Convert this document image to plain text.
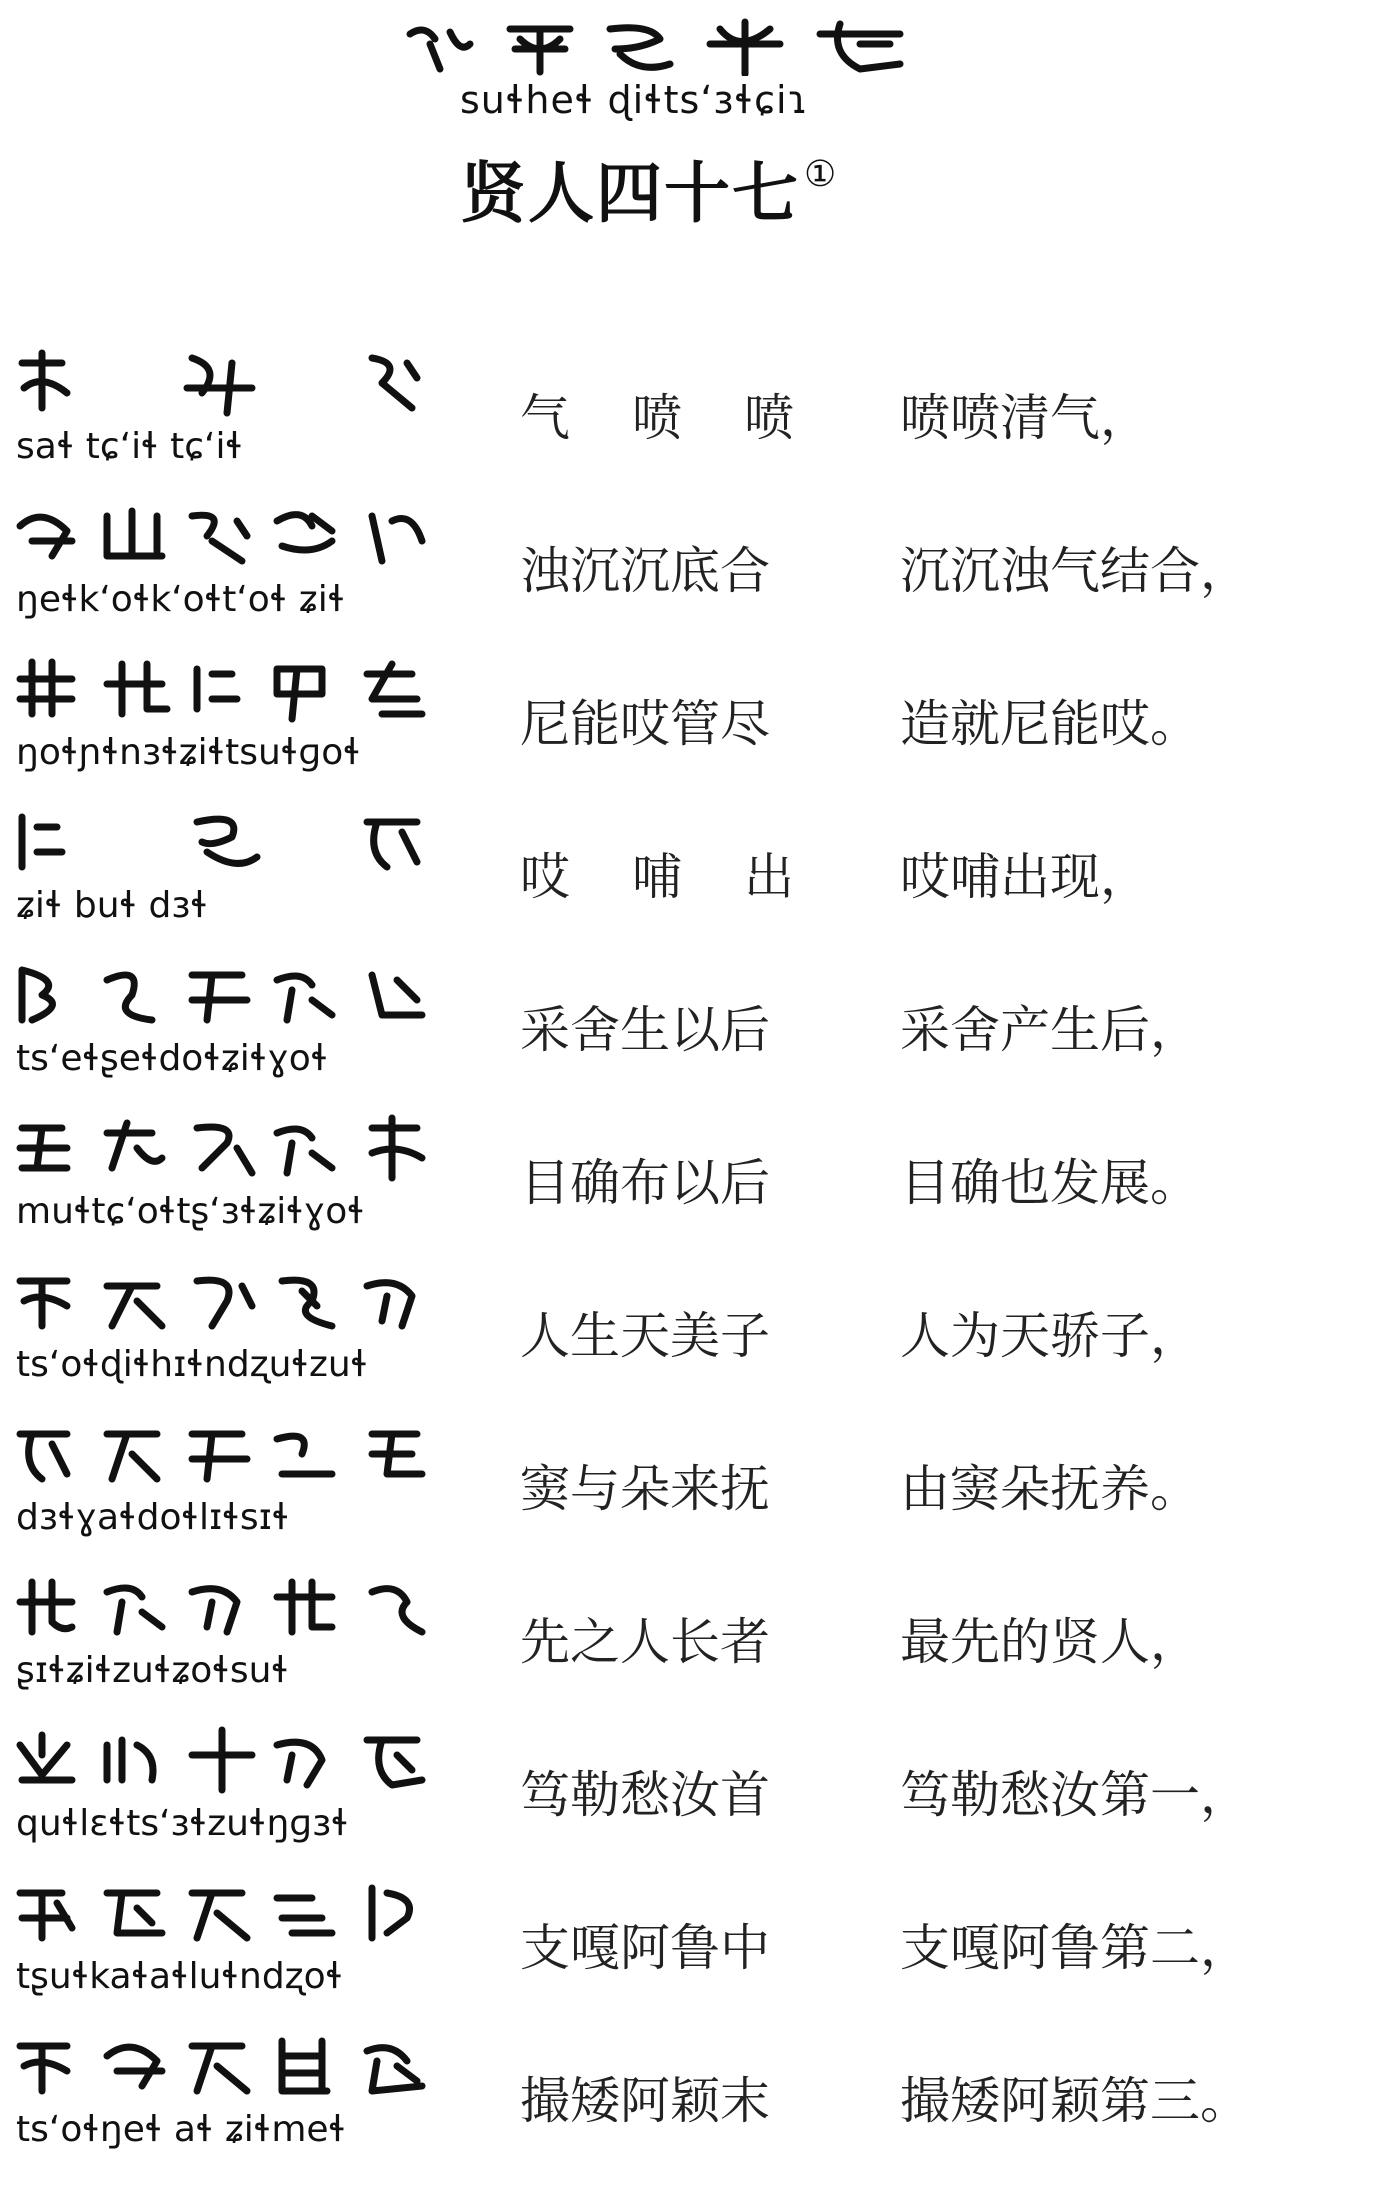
suɬheɬ ɖiɬtsʻɜɬɕiɿ
贤人四十七 ①
saɬ tɕʻiɬ tɕʻiɬ	气 喷 喷	喷喷清气，
ŋeɬkʻoɬkʻoɬtʻoɬ ʑiɬ	浊沉沉底合	沉沉浊气结合，
ŋoɬɲɬnɜɬʑiɬtsuɬɡoɬ	尼能哎管尽	造就尼能哎。
ʑiɬ buɬ dɜɬ	哎 哺 出	哎哺出现，
tsʻeɬʂeɬdoɬʑiɬɣoɬ	采舍生以后	采舍产生后，
muɬtɕʻoɬtʂʻɜɬʑiɬɣoɬ	目确布以后	目确也发展。
tsʻoɬɖiɬhɪɬndʐuɬzuɬ	人生天美子	人为天骄子，
dɜɬɣaɬdoɬlɪɬsɪɬ	窦与朵来抚	由窦朵抚养。
ʂɪɬʑiɬzuɬʑoɬsuɬ	先之人长者	最先的贤人，
quɬlɛɬtsʻɜɬzuɬŋɡɜɬ	笃勒愁汝首	笃勒愁汝第一，
tʂuɬkaɬaɬluɬndʐoɬ	支嘎阿鲁中	支嘎阿鲁第二，
tsʻoɬŋeɬ aɬ ʑiɬmeɬ	撮矮阿颖末	撮矮阿颖第三。
